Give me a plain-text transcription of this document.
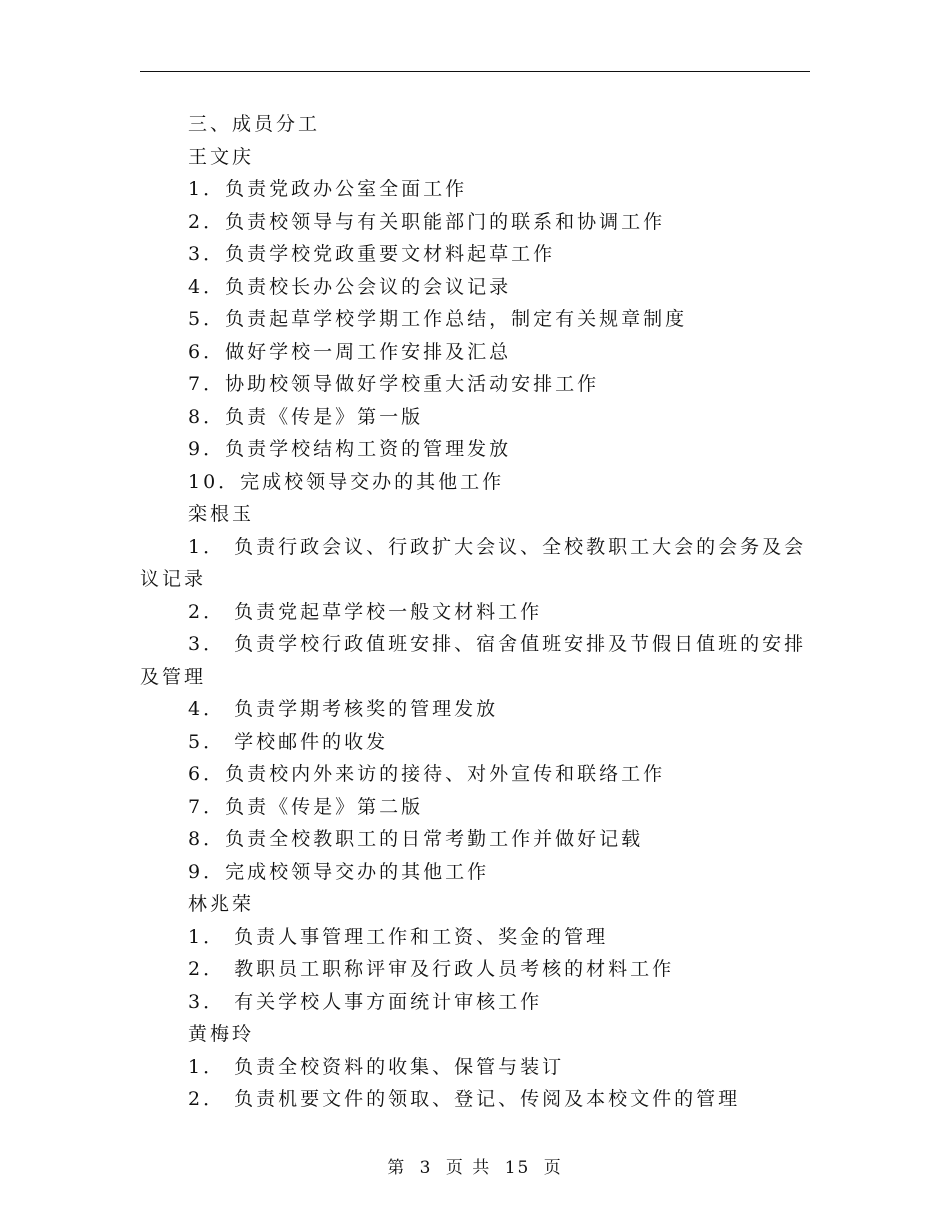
三、成员分工
王文庆
1．负责党政办公室全面工作
2．负责校领导与有关职能部门的联系和协调工作
3．负责学校党政重要文材料起草工作
4．负责校长办公会议的会议记录
5．负责起草学校学期工作总结，制定有关规章制度
6．做好学校一周工作安排及汇总
7．协助校领导做好学校重大活动安排工作
8．负责《传是》第一版
9．负责学校结构工资的管理发放
10．完成校领导交办的其他工作
栾根玉
1． 负责行政会议、行政扩大会议、全校教职工大会的会务及会议记录
2． 负责党起草学校一般文材料工作
3． 负责学校行政值班安排、宿舍值班安排及节假日值班的安排及管理
4． 负责学期考核奖的管理发放
5． 学校邮件的收发
6．负责校内外来访的接待、对外宣传和联络工作
7．负责《传是》第二版
8．负责全校教职工的日常考勤工作并做好记载
9．完成校领导交办的其他工作
林兆荣
1． 负责人事管理工作和工资、奖金的管理
2． 教职员工职称评审及行政人员考核的材料工作
3． 有关学校人事方面统计审核工作
黄梅玲
1． 负责全校资料的收集、保管与装订
2． 负责机要文件的领取、登记、传阅及本校文件的管理
第 3 页 共 15 页
